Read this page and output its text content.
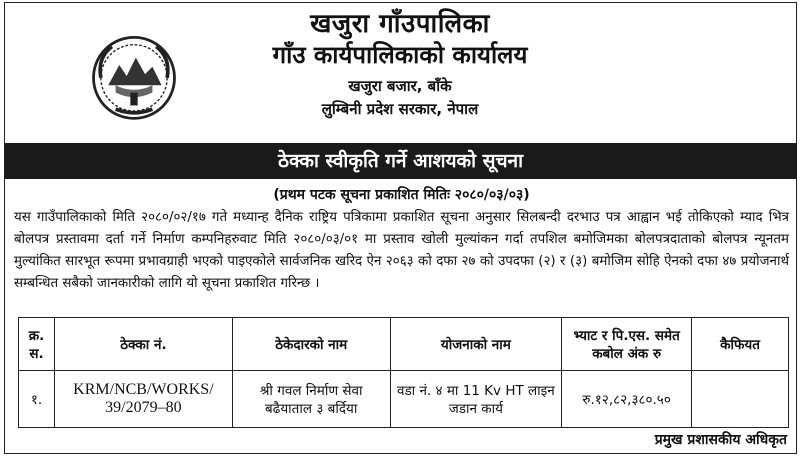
खजुरा गाँउपालिका
गाँउ कार्यपालिकाको कार्यालय
खजुरा बजार, बाँके
लुम्बिनी प्रदेश सरकार, नेपाल
ठेक्का स्वीकृति गर्ने आशयको सूचना
(प्रथम पटक सूचना प्रकाशित मितिः २०८०/०३/०३)
यस गाउँपालिकाको मिति २०८०/०२/१७ गते मध्यान्ह दैनिक राष्ट्रिय पत्रिकामा प्रकाशित सूचना अनुसार सिलबन्दी दरभाउ पत्र आह्वान भई तोकिएको म्याद भित्र बोलपत्र प्रस्तावमा दर्ता गर्ने निर्माण कम्पनिहरुवाट मिति २०८०/०३/०१ मा प्रस्ताव खोली मुल्यांकन गर्दा तपशिल बमोजिमका बोलपत्रदाताको बोलपत्र न्यूनतम मुल्यांकित सारभूत रूपमा प्रभावग्राही भएको पाइएकोले सार्वजनिक खरिद ऐन २०६३ को दफा २७ को उपदफा (२) र (३) बमोजिम सोहि ऐनको दफा ४७ प्रयोजनार्थ सम्बन्धित सबैको जानकारीको लागि यो सूचना प्रकाशित गरिन्छ ।
क्र. स.	ठेक्का नं.	ठेकेदारको नाम	योजनाको नाम	भ्याट र पि.एस. समेत कबोल अंक रु	कैफियत
१.	KRM/NCB/WORKS/ 39/2079–80	श्री गवल निर्माण सेवा बढैयाताल ३ बर्दिया	वडा नं. ४ मा 11 Kv HT लाइन जडान कार्य	रु.१२,८२,३८०.५०	
प्रमुख प्रशासकीय अधिकृत
